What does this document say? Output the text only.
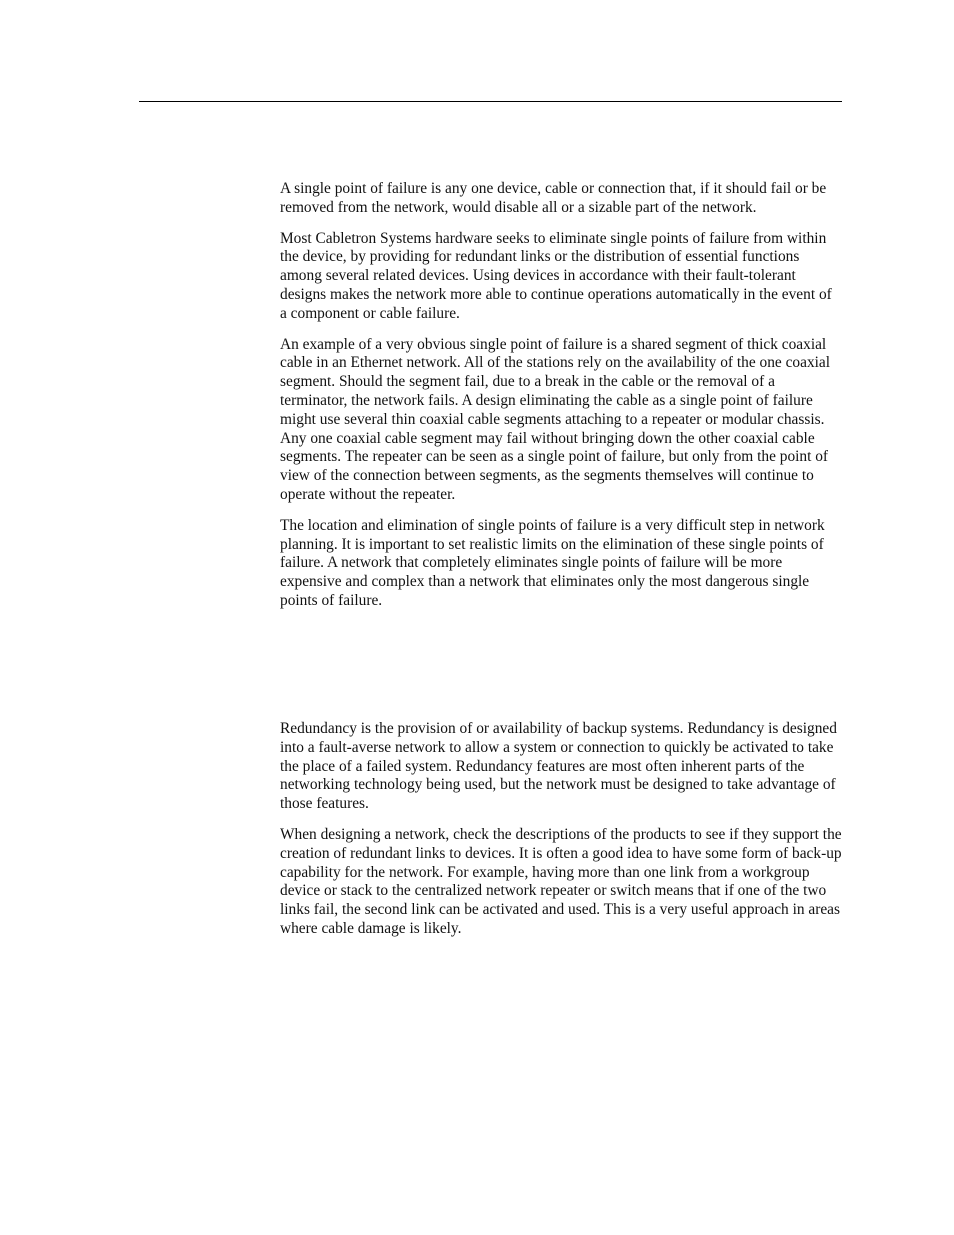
A single point of failure is any one device, cable or connection that, if it should fail or be removed from the network, would disable all or a sizable part of the network.

Most Cabletron Systems hardware seeks to eliminate single points of failure from within the device, by providing for redundant links or the distribution of essential functions among several related devices. Using devices in accordance with their fault-tolerant designs makes the network more able to continue operations automatically in the event of a component or cable failure.

An example of a very obvious single point of failure is a shared segment of thick coaxial cable in an Ethernet network. All of the stations rely on the availability of the one coaxial segment. Should the segment fail, due to a break in the cable or the removal of a terminator, the network fails. A design eliminating the cable as a single point of failure might use several thin coaxial cable segments attaching to a repeater or modular chassis. Any one coaxial cable segment may fail without bringing down the other coaxial cable segments. The repeater can be seen as a single point of failure, but only from the point of view of the connection between segments, as the segments themselves will continue to operate without the repeater.

The location and elimination of single points of failure is a very difficult step in network planning. It is important to set realistic limits on the elimination of these single points of failure. A network that completely eliminates single points of failure will be more expensive and complex than a network that eliminates only the most dangerous single points of failure.

Redundancy is the provision of or availability of backup systems. Redundancy is designed into a fault-averse network to allow a system or connection to quickly be activated to take the place of a failed system. Redundancy features are most often inherent parts of the networking technology being used, but the network must be designed to take advantage of those features.

When designing a network, check the descriptions of the products to see if they support the creation of redundant links to devices. It is often a good idea to have some form of back-up capability for the network. For example, having more than one link from a workgroup device or stack to the centralized network repeater or switch means that if one of the two links fail, the second link can be activated and used. This is a very useful approach in areas where cable damage is likely.
